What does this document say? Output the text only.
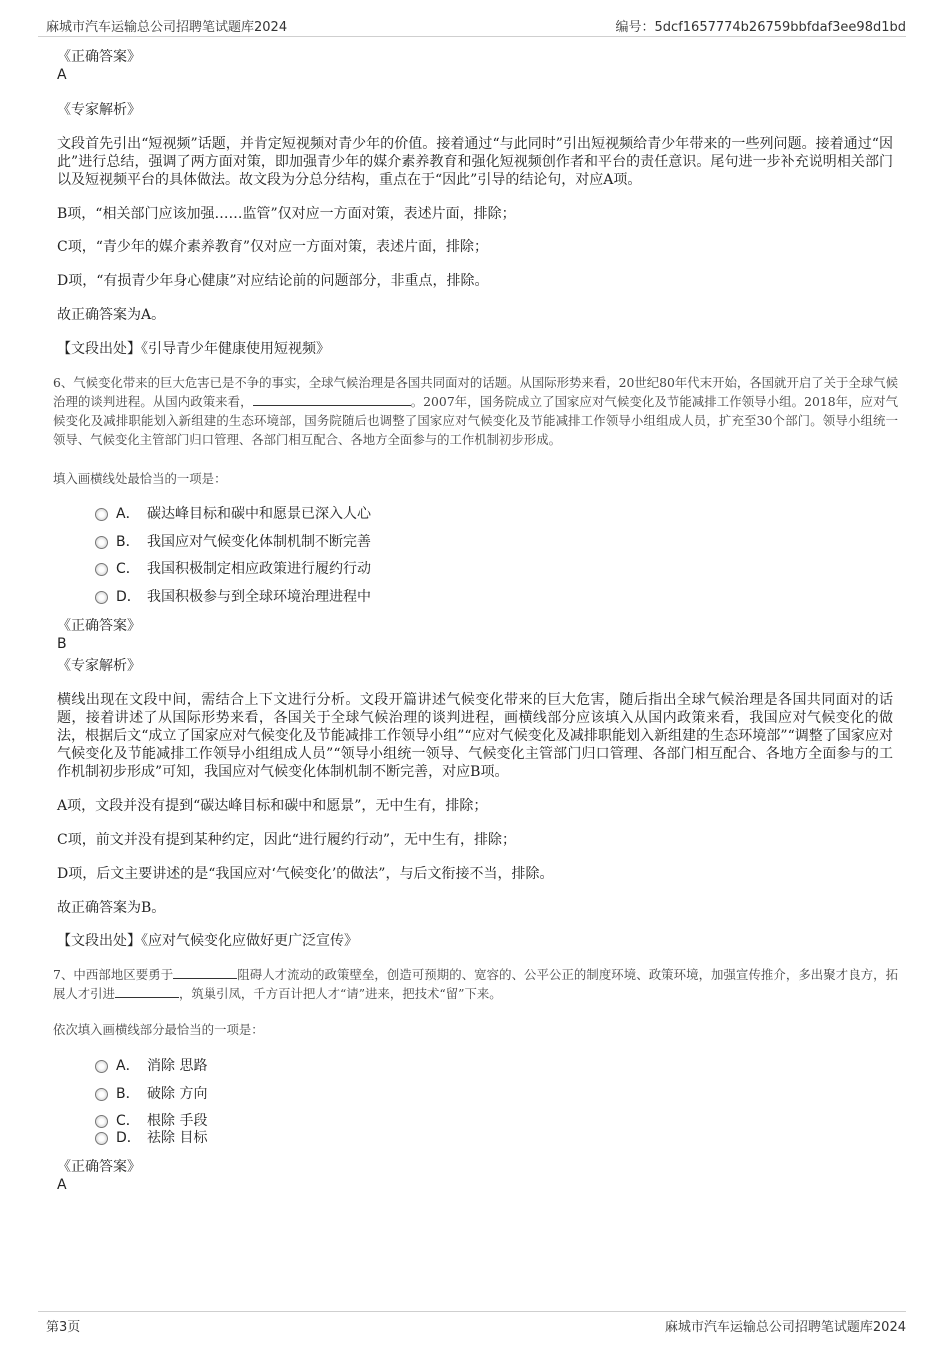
麻城市汽车运输总公司招聘笔试题库2024	编号：5dcf1657774b26759bbfdaf3ee98d1bd
《正确答案》
A
《专家解析》
文段首先引出“短视频”话题，并肯定短视频对青少年的价值。接着通过“与此同时”引出短视频给青少年带来的一些列问题。接着通过“因此”进行总结，强调了两方面对策，即加强青少年的媒介素养教育和强化短视频创作者和平台的责任意识。尾句进一步补充说明相关部门以及短视频平台的具体做法。故文段为分总分结构，重点在于“因此”引导的结论句，对应A项。
B项，“相关部门应该加强……监管”仅对应一方面对策，表述片面，排除；
C项，“青少年的媒介素养教育”仅对应一方面对策，表述片面，排除；
D项，“有损青少年身心健康”对应结论前的问题部分，非重点，排除。
故正确答案为A。
【文段出处】《引导青少年健康使用短视频》
6、气候变化带来的巨大危害已是不争的事实，全球气候治理是各国共同面对的话题。从国际形势来看，20世纪80年代末开始，各国就开启了关于全球气候治理的谈判进程。从国内政策来看，	。2007年，国务院成立了国家应对气候变化及节能减排工作领导小组。2018年，应对气候变化及减排职能划入新组建的生态环境部，国务院随后也调整了国家应对气候变化及节能减排工作领导小组组成人员，扩充至30个部门。领导小组统一领导、气候变化主管部门归口管理、各部门相互配合、各地方全面参与的工作机制初步形成。
填入画横线处最恰当的一项是：
A． 碳达峰目标和碳中和愿景已深入人心
B． 我国应对气候变化体制机制不断完善
C． 我国积极制定相应政策进行履约行动
D． 我国积极参与到全球环境治理进程中
《正确答案》
B
《专家解析》
横线出现在文段中间，需结合上下文进行分析。文段开篇讲述气候变化带来的巨大危害，随后指出全球气候治理是各国共同面对的话题，接着讲述了从国际形势来看，各国关于全球气候治理的谈判进程，画横线部分应该填入从国内政策来看，我国应对气候变化的做法，根据后文“成立了国家应对气候变化及节能减排工作领导小组”“应对气候变化及减排职能划入新组建的生态环境部”“调整了国家应对气候变化及节能减排工作领导小组组成人员”“领导小组统一领导、气候变化主管部门归口管理、各部门相互配合、各地方全面参与的工作机制初步形成”可知，我国应对气候变化体制机制不断完善，对应B项。
A项，文段并没有提到“碳达峰目标和碳中和愿景”，无中生有，排除；
C项，前文并没有提到某种约定，因此“进行履约行动”，无中生有，排除；
D项，后文主要讲述的是“我国应对‘气候变化’的做法”，与后文衔接不当，排除。
故正确答案为B。
【文段出处】《应对气候变化应做好更广泛宣传》
7、中西部地区要勇于	阻碍人才流动的政策壁垒，创造可预期的、宽容的、公平公正的制度环境、政策环境，加强宣传推介，多出聚才良方，拓展人才引进	，筑巢引凤，千方百计把人才“请”进来，把技术“留”下来。
依次填入画横线部分最恰当的一项是：
A． 消除 思路
B． 破除 方向
C． 根除 手段
D． 祛除 目标
《正确答案》
A
第3页	麻城市汽车运输总公司招聘笔试题库2024
